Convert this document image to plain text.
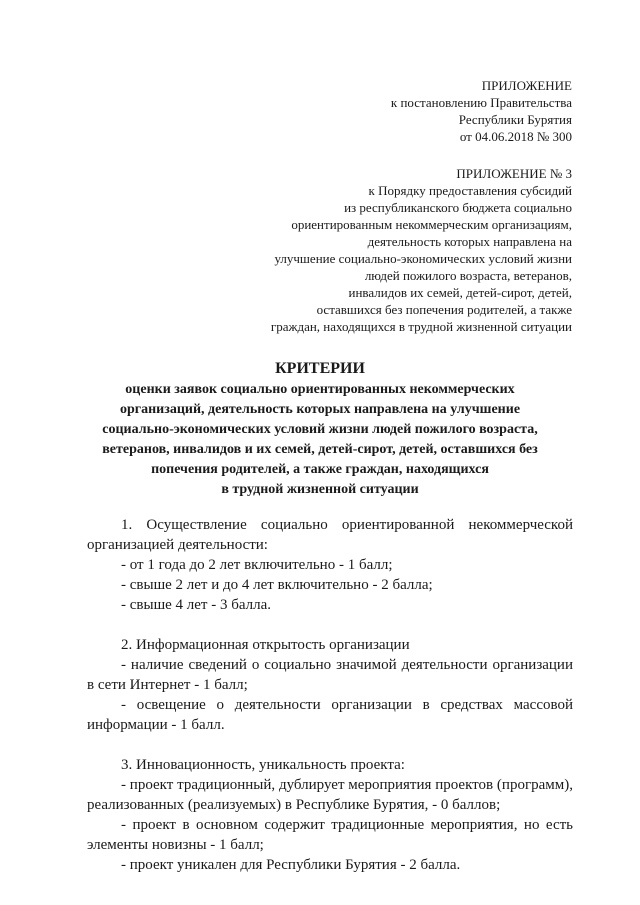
ПРИЛОЖЕНИЕ
к постановлению Правительства
Республики Бурятия
от 04.06.2018 № 300
ПРИЛОЖЕНИЕ № 3
к Порядку предоставления субсидий
из республиканского бюджета социально
ориентированным некоммерческим организациям,
деятельность которых направлена на
улучшение социально-экономических условий жизни
людей пожилого возраста, ветеранов,
инвалидов их семей, детей-сирот, детей,
оставшихся без попечения родителей, а также
граждан, находящихся в трудной жизненной ситуации
КРИТЕРИИ
оценки заявок социально ориентированных некоммерческих
организаций, деятельность которых направлена на улучшение
социально-экономических условий жизни людей пожилого возраста,
ветеранов, инвалидов и их семей, детей-сирот, детей, оставшихся без
попечения родителей, а также граждан, находящихся
в трудной жизненной ситуации

1. Осуществление социально ориентированной некоммерческой организацией деятельности:

- от 1 года до 2 лет включительно - 1 балл;

- свыше 2 лет и до 4 лет включительно - 2 балла;

- свыше 4 лет - 3 балла.

2. Информационная открытость организации

- наличие сведений о социально значимой деятельности организации в сети Интернет - 1 балл;

- освещение о деятельности организации в средствах массовой информации - 1 балл.

3. Инновационность, уникальность проекта:

- проект традиционный, дублирует мероприятия проектов (программ), реализованных (реализуемых) в Республике Бурятия, - 0 баллов;

- проект в основном содержит традиционные мероприятия, но есть элементы новизны - 1 балл;

- проект уникален для Республики Бурятия - 2 балла.
